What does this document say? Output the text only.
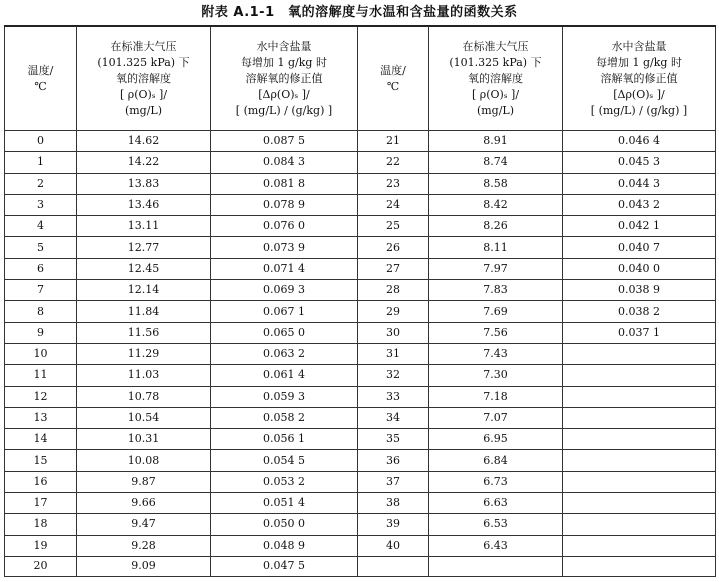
附表 A.1-1　氧的溶解度与水温和含盐量的函数关系
温度/
℃	在标准大气压
(101.325 kPa) 下
氧的溶解度
[ ρ(O)ₛ ]/
(mg/L)	水中含盐量
每增加 1 g/kg 时
溶解氧的修正值
[Δρ(O)ₛ ]/
[ (mg/L) / (g/kg) ]	温度/
℃	在标准大气压
(101.325 kPa) 下
氧的溶解度
[ ρ(O)ₛ ]/
(mg/L)	水中含盐量
每增加 1 g/kg 时
溶解氧的修正值
[Δρ(O)ₛ ]/
[ (mg/L) / (g/kg) ]

0	14.62	0.087 5	21	8.91	0.046 4
1	14.22	0.084 3	22	8.74	0.045 3
2	13.83	0.081 8	23	8.58	0.044 3
3	13.46	0.078 9	24	8.42	0.043 2
4	13.11	0.076 0	25	8.26	0.042 1
5	12.77	0.073 9	26	8.11	0.040 7
6	12.45	0.071 4	27	7.97	0.040 0
7	12.14	0.069 3	28	7.83	0.038 9
8	11.84	0.067 1	29	7.69	0.038 2
9	11.56	0.065 0	30	7.56	0.037 1
10	11.29	0.063 2	31	7.43	
11	11.03	0.061 4	32	7.30	
12	10.78	0.059 3	33	7.18	
13	10.54	0.058 2	34	7.07	
14	10.31	0.056 1	35	6.95	
15	10.08	0.054 5	36	6.84	
16	9.87	0.053 2	37	6.73	
17	9.66	0.051 4	38	6.63	
18	9.47	0.050 0	39	6.53	
19	9.28	0.048 9	40	6.43	
20	9.09	0.047 5			
